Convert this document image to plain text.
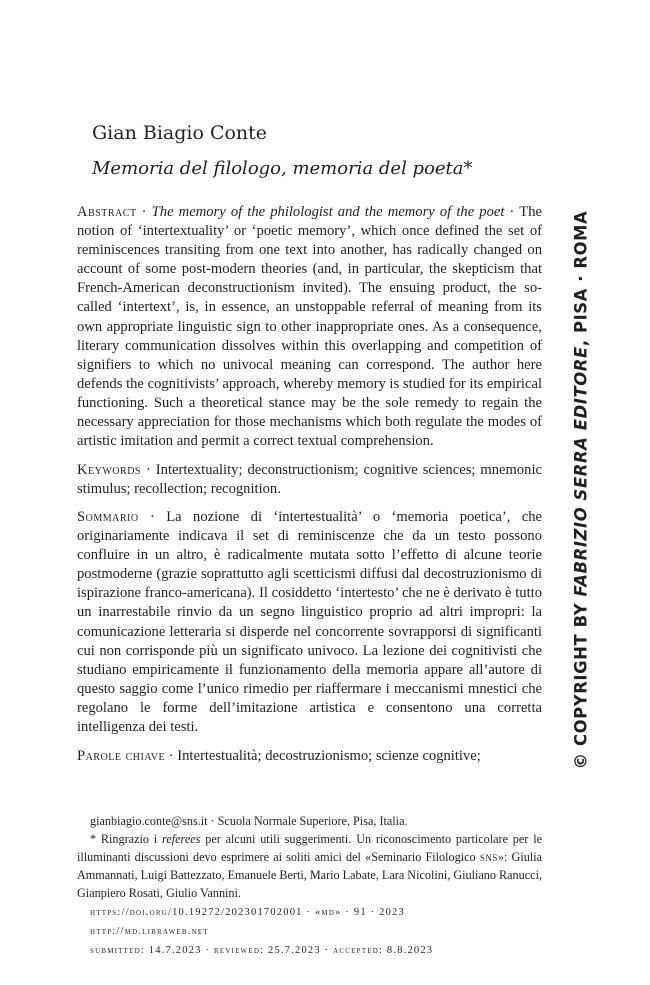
Gian Biagio Conte
Memoria del filologo, memoria del poeta*
Abstract · The memory of the philologist and the memory of the poet · The notion of ‘intertextuality’ or ‘poetic memory’, which once defined the set of reminiscences transiting from one text into another, has radically changed on account of some post-modern theories (and, in particular, the skepticism that French-American deconstructionism invited). The ensuing product, the so-called ‘intertext’, is, in essence, an unstoppable referral of meaning from its own appropriate linguistic sign to other inappropriate ones. As a consequence, literary communication dissolves within this overlapping and competition of signifiers to which no univocal meaning can correspond. The author here defends the cognitivists’ approach, whereby memory is studied for its empirical functioning. Such a theoretical stance may be the sole remedy to regain the necessary appreciation for those mechanisms which both regulate the modes of artistic imitation and permit a correct textual comprehension.
Keywords · Intertextuality; deconstructionism; cognitive sciences; mnemonic stimulus; recollection; recognition.
Sommario · La nozione di ‘intertestualità’ o ‘memoria poetica’, che originariamente indicava il set di reminiscenze che da un testo possono confluire in un altro, è radicalmente mutata sotto l’effetto di alcune teorie postmoderne (grazie soprattutto agli scetticismi diffusi dal decostruzionismo di ispirazione franco-americana). Il cosiddetto ‘intertesto’ che ne è derivato è tutto un inarrestabile rinvio da un segno linguistico proprio ad altri impropri: la comunicazione letteraria si disperde nel concorrente sovrapporsi di significanti cui non corrisponde più un significato univoco. La lezione dei cognitivisti che studiano empiricamente il funzionamento della memoria appare all’autore di questo saggio come l’unico rimedio per riaffermare i meccanismi mnestici che regolano le forme dell’imitazione artistica e consentono una corretta intelligenza dei testi.
Parole chiave · Intertestualità; decostruzionismo; scienze cognitive;	© COPYRIGHT BY FABRIZIO SERRA EDITORE, PISA · ROMA
gianbiagio.conte@sns.it · Scuola Normale Superiore, Pisa, Italia.
* Ringrazio i referees per alcuni utili suggerimenti. Un riconoscimento particolare per le illuminanti discussioni devo esprimere ai soliti amici del «Seminario Filologico sns»: Giulia Ammannati, Luigi Battezzato, Emanuele Berti, Mario Labate, Lara Nicolini, Giuliano Ranucci, Gianpiero Rosati, Giulio Vannini.
https://doi.org/10.19272/202301702001 · «md» · 91 · 2023
http://md.libraweb.net
submitted: 14.7.2023 · reviewed: 25.7.2023 · accepted: 8.8.2023
